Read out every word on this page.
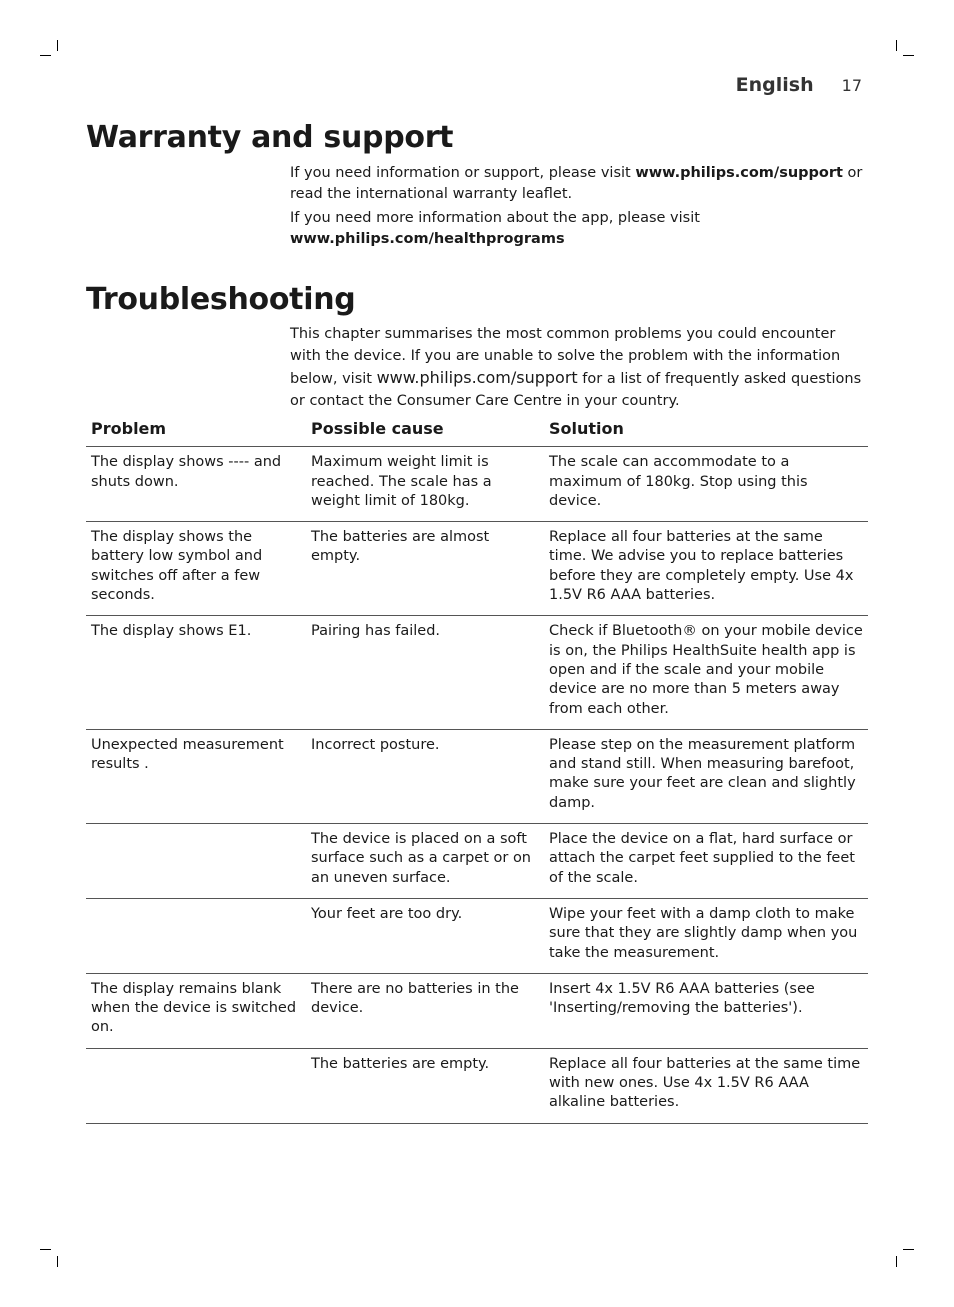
English 17
Warranty and support

If you need information or support, please visit www.philips.com/support or read the international warranty leaflet.

If you need more information about the app, please visit
www.philips.com/healthprograms

Troubleshooting

This chapter summarises the most common problems you could encounter with the device. If you are unable to solve the problem with the information below, visit www.philips.com/support for a list of frequently asked questions or contact the Consumer Care Centre in your country.

Problem	Possible cause	Solution
The display shows ---- and shuts down.	Maximum weight limit is reached. The scale has a weight limit of 180kg.	The scale can accommodate to a maximum of 180kg. Stop using this device.
The display shows the battery low symbol and switches off after a few seconds.	The batteries are almost empty.	Replace all four batteries at the same time. We advise you to replace batteries before they are completely empty. Use 4x 1.5V R6 AAA batteries.
The display shows E1.	Pairing has failed.	Check if Bluetooth® on your mobile device is on, the Philips HealthSuite health app is open and if the scale and your mobile device are no more than 5 meters away from each other.
Unexpected measurement results .	Incorrect posture.	Please step on the measurement platform and stand still. When measuring barefoot, make sure your feet are clean and slightly damp.
	The device is placed on a soft surface such as a carpet or on an uneven surface.	Place the device on a flat, hard surface or attach the carpet feet supplied to the feet of the scale.
	Your feet are too dry.	Wipe your feet with a damp cloth to make sure that they are slightly damp when you take the measurement.
The display remains blank when the device is switched on.	There are no batteries in the device.	Insert 4x 1.5V R6 AAA batteries (see 'Inserting/removing the batteries').
	The batteries are empty.	Replace all four batteries at the same time with new ones. Use 4x 1.5V R6 AAA alkaline batteries.
